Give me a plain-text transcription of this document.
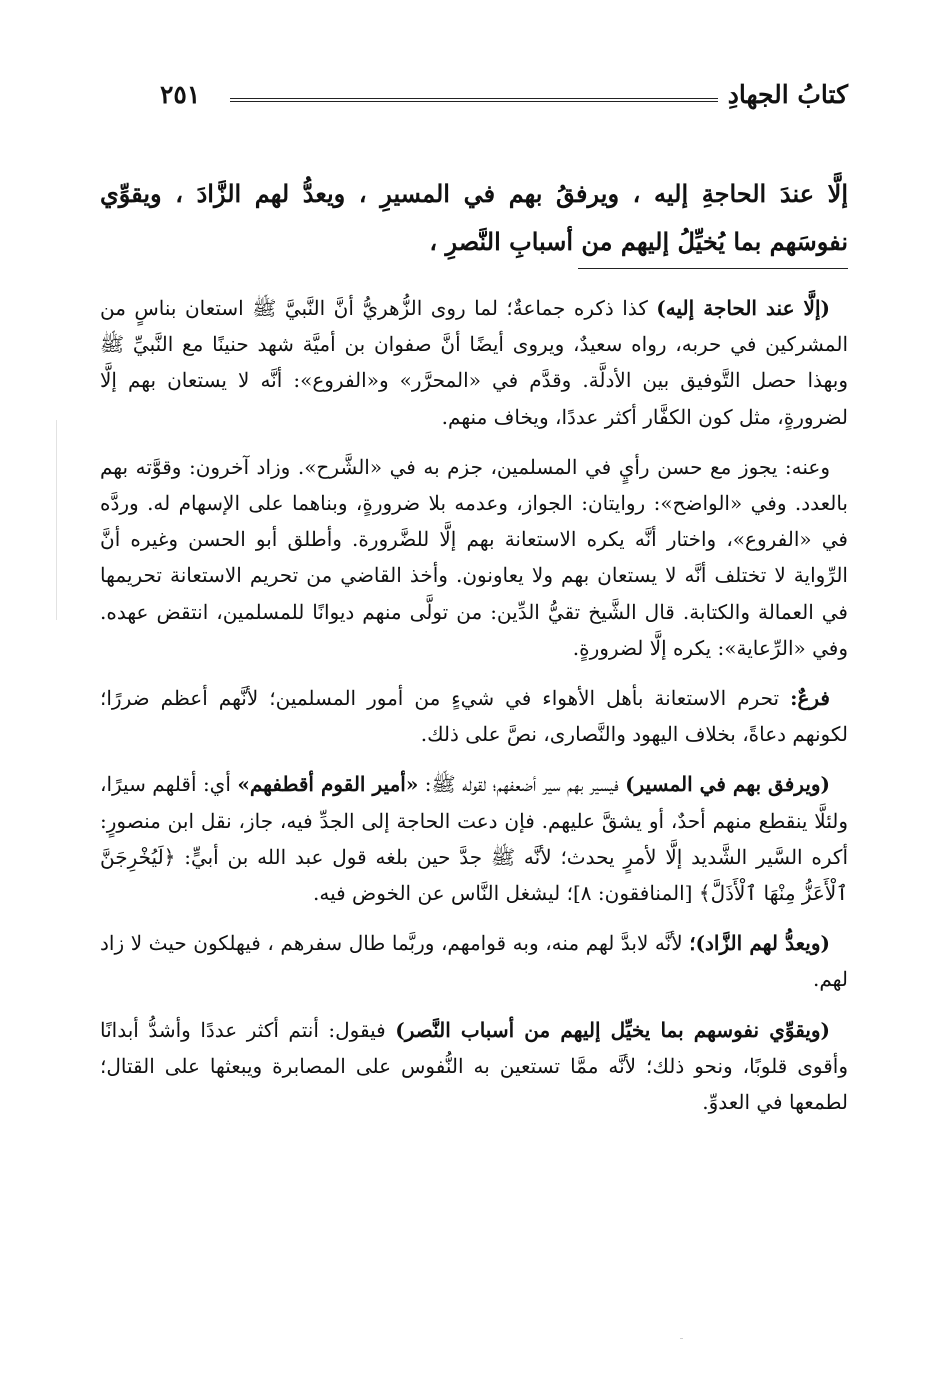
كتابُ الجهادِ
٢٥١
إلَّا عندَ الحاجةِ إليه ، ويرفقُ بهم في المسيرِ ، ويعدُّ لهم الزَّادَ ، ويقوِّي نفوسَهم بما يُخيِّلُ إليهم من أسبابِ النَّصرِ ،

(إلَّا عند الحاجة إليه) كذا ذكره جماعةٌ؛ لما روى الزُّهريُّ أنَّ النَّبيَّ ﷺ استعان بناسٍ من المشركين في حربه، رواه سعيدٌ، ويروى أيضًا أنَّ صفوان بن أميَّة شهد حنينًا مع النَّبيِّ ﷺ وبهذا حصل التَّوفيق بين الأدلَّة. وقدَّم في «المحرَّر» و«الفروع»: أنَّه لا يستعان بهم إلَّا لضرورةٍ، مثل كون الكفَّار أكثر عددًا، ويخاف منهم.

وعنه: يجوز مع حسن رأيٍ في المسلمين، جزم به في «الشَّرح». وزاد آخرون: وقوَّته بهم بالعدد. وفي «الواضح»: روايتان: الجواز، وعدمه بلا ضرورةٍ، وبناهما على الإسهام له. وردَّه في «الفروع»، واختار أنَّه يكره الاستعانة بهم إلَّا للضَّرورة. وأطلق أبو الحسن وغيره أنَّ الرِّواية لا تختلف أنَّه لا يستعان بهم ولا يعاونون. وأخذ القاضي من تحريم الاستعانة تحريمها في العمالة والكتابة. قال الشَّيخ تقيُّ الدِّين: من تولَّى منهم ديوانًا للمسلمين، انتقض عهده. وفي «الرِّعاية»: يكره إلَّا لضرورةٍ.

فرعٌ: تحرم الاستعانة بأهل الأهواء في شيءٍ من أمور المسلمين؛ لأنَّهم أعظم ضررًا؛ لكونهم دعاةً، بخلاف اليهود والنَّصارى، نصَّ على ذلك.

(ويرفق بهم في المسير) فيسير بهم سير أضعفهم؛ لقوله ﷺ: «أمير القوم أقطفهم» أي: أقلهم سيرًا، ولئلَّا ينقطع منهم أحدٌ، أو يشقَّ عليهم. فإن دعت الحاجة إلى الجدِّ فيه، جاز، نقل ابن منصورٍ: أكره السَّير الشَّديد إلَّا لأمرٍ يحدث؛ لأنَّه ﷺ جدَّ حين بلغه قول عبد الله بن أبيٍّ: ﴿لَيُخْرِجَنَّ ٱلْأَعَزُّ مِنْهَا ٱلْأَذَلَّ﴾ [المنافقون: ٨]؛ ليشغل النَّاس عن الخوض فيه.

(ويعدُّ لهم الزَّاد)؛ لأنَّه لابدَّ لهم منه، وبه قوامهم، وربَّما طال سفرهم ، فيهلكون حيث لا زاد لهم.

(ويقوِّي نفوسهم بما يخيِّل إليهم من أسباب النَّصر) فيقول: أنتم أكثر عددًا وأشدُّ أبدانًا وأقوى قلوبًا، ونحو ذلك؛ لأنَّه ممَّا تستعين به النُّفوس على المصابرة ويبعثها على القتال؛ لطمعها في العدوِّ.
